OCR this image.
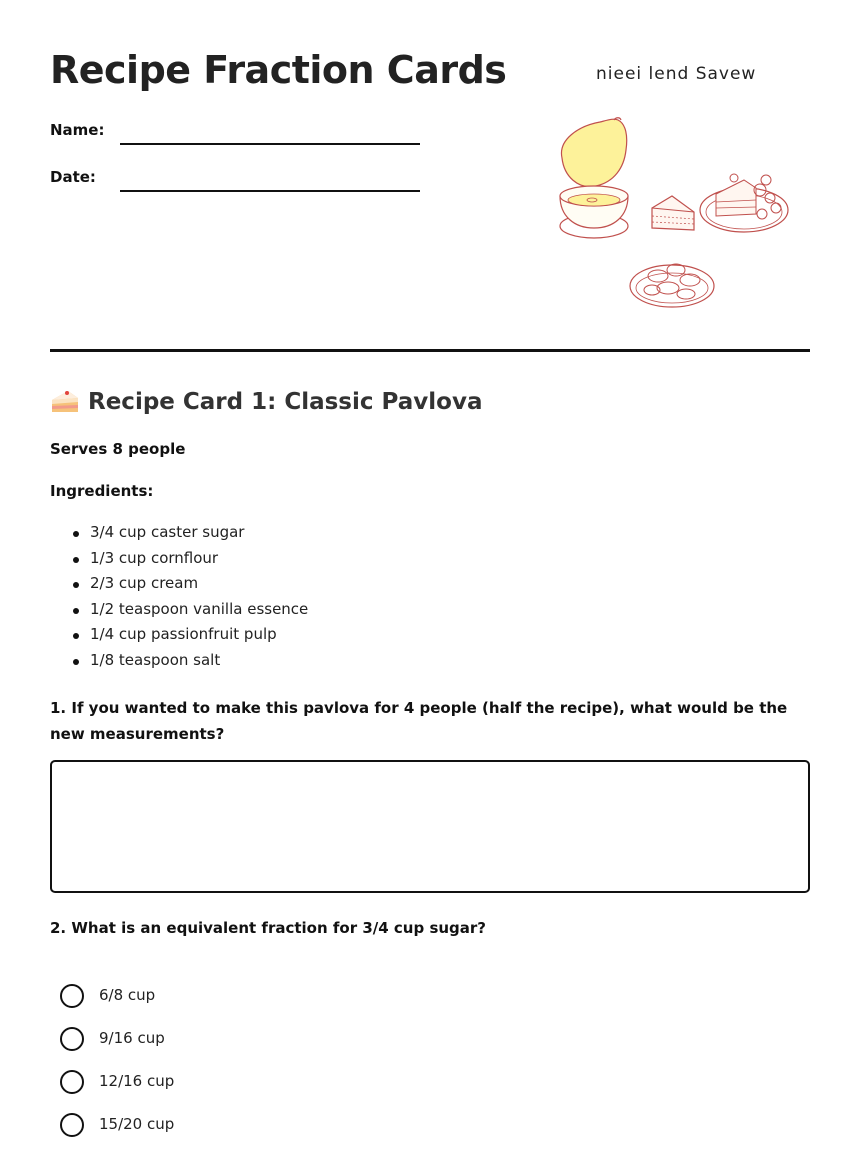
Recipe Fraction Cards
Name:
Date:
nieei lend Savew
Recipe Card 1: Classic Pavlova
Serves 8 people
Ingredients:
3/4 cup caster sugar
1/3 cup cornflour
2/3 cup cream
1/2 teaspoon vanilla essence
1/4 cup passionfruit pulp
1/8 teaspoon salt
1. If you wanted to make this pavlova for 4 people (half the recipe), what would be the new measurements?
2. What is an equivalent fraction for 3/4 cup sugar?
6/8 cup
9/16 cup
12/16 cup
15/20 cup
